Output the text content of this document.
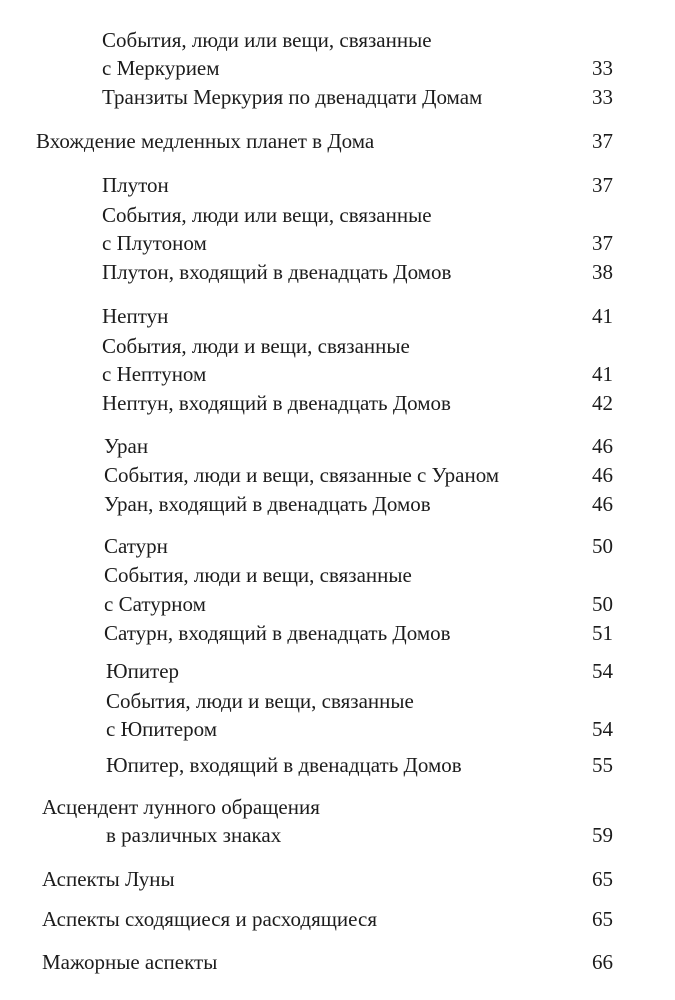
События, люди или вещи, связанные
с Меркурием	33
Транзиты Меркурия по двенадцати Домам	33
Вхождение медленных планет в Дома	37
Плутон	37
События, люди или вещи, связанные
с Плутоном	37
Плутон, входящий в двенадцать Домов	38
Нептун	41
События, люди и вещи, связанные
с Нептуном	41
Нептун, входящий в двенадцать Домов	42
Уран	46
События, люди и вещи, связанные с Ураном	46
Уран, входящий в двенадцать Домов	46
Сатурн	50
События, люди и вещи, связанные
с Сатурном	50
Сатурн, входящий в двенадцать Домов	51
Юпитер	54
События, люди и вещи, связанные
с Юпитером	54
Юпитер, входящий в двенадцать Домов	55
Асцендент лунного обращения
в различных знаках	59
Аспекты Луны	65
Аспекты сходящиеся и расходящиеся	65
Мажорные аспекты	66
